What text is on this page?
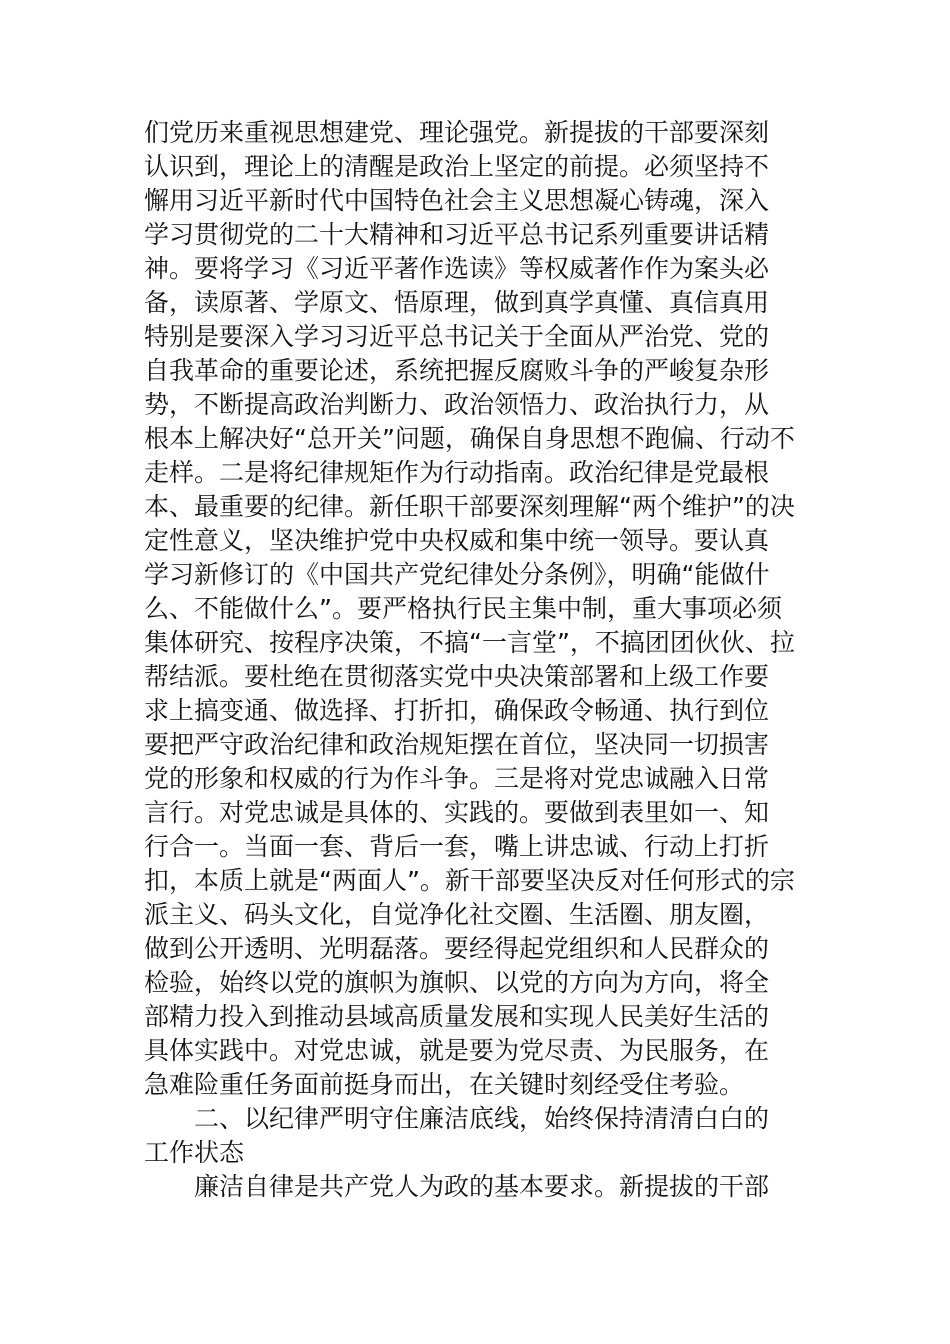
们党历来重视思想建党、理论强党。新提拔的干部要深刻
认识到，理论上的清醒是政治上坚定的前提。必须坚持不
懈用习近平新时代中国特色社会主义思想凝心铸魂，深入
学习贯彻党的二十大精神和习近平总书记系列重要讲话精
神。要将学习《习近平著作选读》等权威著作作为案头必
备，读原著、学原文、悟原理，做到真学真懂、真信真用
特别是要深入学习习近平总书记关于全面从严治党、党的
自我革命的重要论述，系统把握反腐败斗争的严峻复杂形
势，不断提高政治判断力、政治领悟力、政治执行力，从
根本上解决好“总开关”问题，确保自身思想不跑偏、行动不
走样。二是将纪律规矩作为行动指南。政治纪律是党最根
本、最重要的纪律。新任职干部要深刻理解“两个维护”的决
定性意义，坚决维护党中央权威和集中统一领导。要认真
学习新修订的《中国共产党纪律处分条例》，明确“能做什
么、不能做什么”。要严格执行民主集中制，重大事项必须
集体研究、按程序决策，不搞“一言堂”，不搞团团伙伙、拉
帮结派。要杜绝在贯彻落实党中央决策部署和上级工作要
求上搞变通、做选择、打折扣，确保政令畅通、执行到位
要把严守政治纪律和政治规矩摆在首位，坚决同一切损害
党的形象和权威的行为作斗争。三是将对党忠诚融入日常
言行。对党忠诚是具体的、实践的。要做到表里如一、知
行合一。当面一套、背后一套，嘴上讲忠诚、行动上打折
扣，本质上就是“两面人”。新干部要坚决反对任何形式的宗
派主义、码头文化，自觉净化社交圈、生活圈、朋友圈，
做到公开透明、光明磊落。要经得起党组织和人民群众的
检验，始终以党的旗帜为旗帜、以党的方向为方向，将全
部精力投入到推动县域高质量发展和实现人民美好生活的
具体实践中。对党忠诚，就是要为党尽责、为民服务，在
急难险重任务面前挺身而出，在关键时刻经受住考验。
二、以纪律严明守住廉洁底线，始终保持清清白白的
工作状态
廉洁自律是共产党人为政的基本要求。新提拔的干部
